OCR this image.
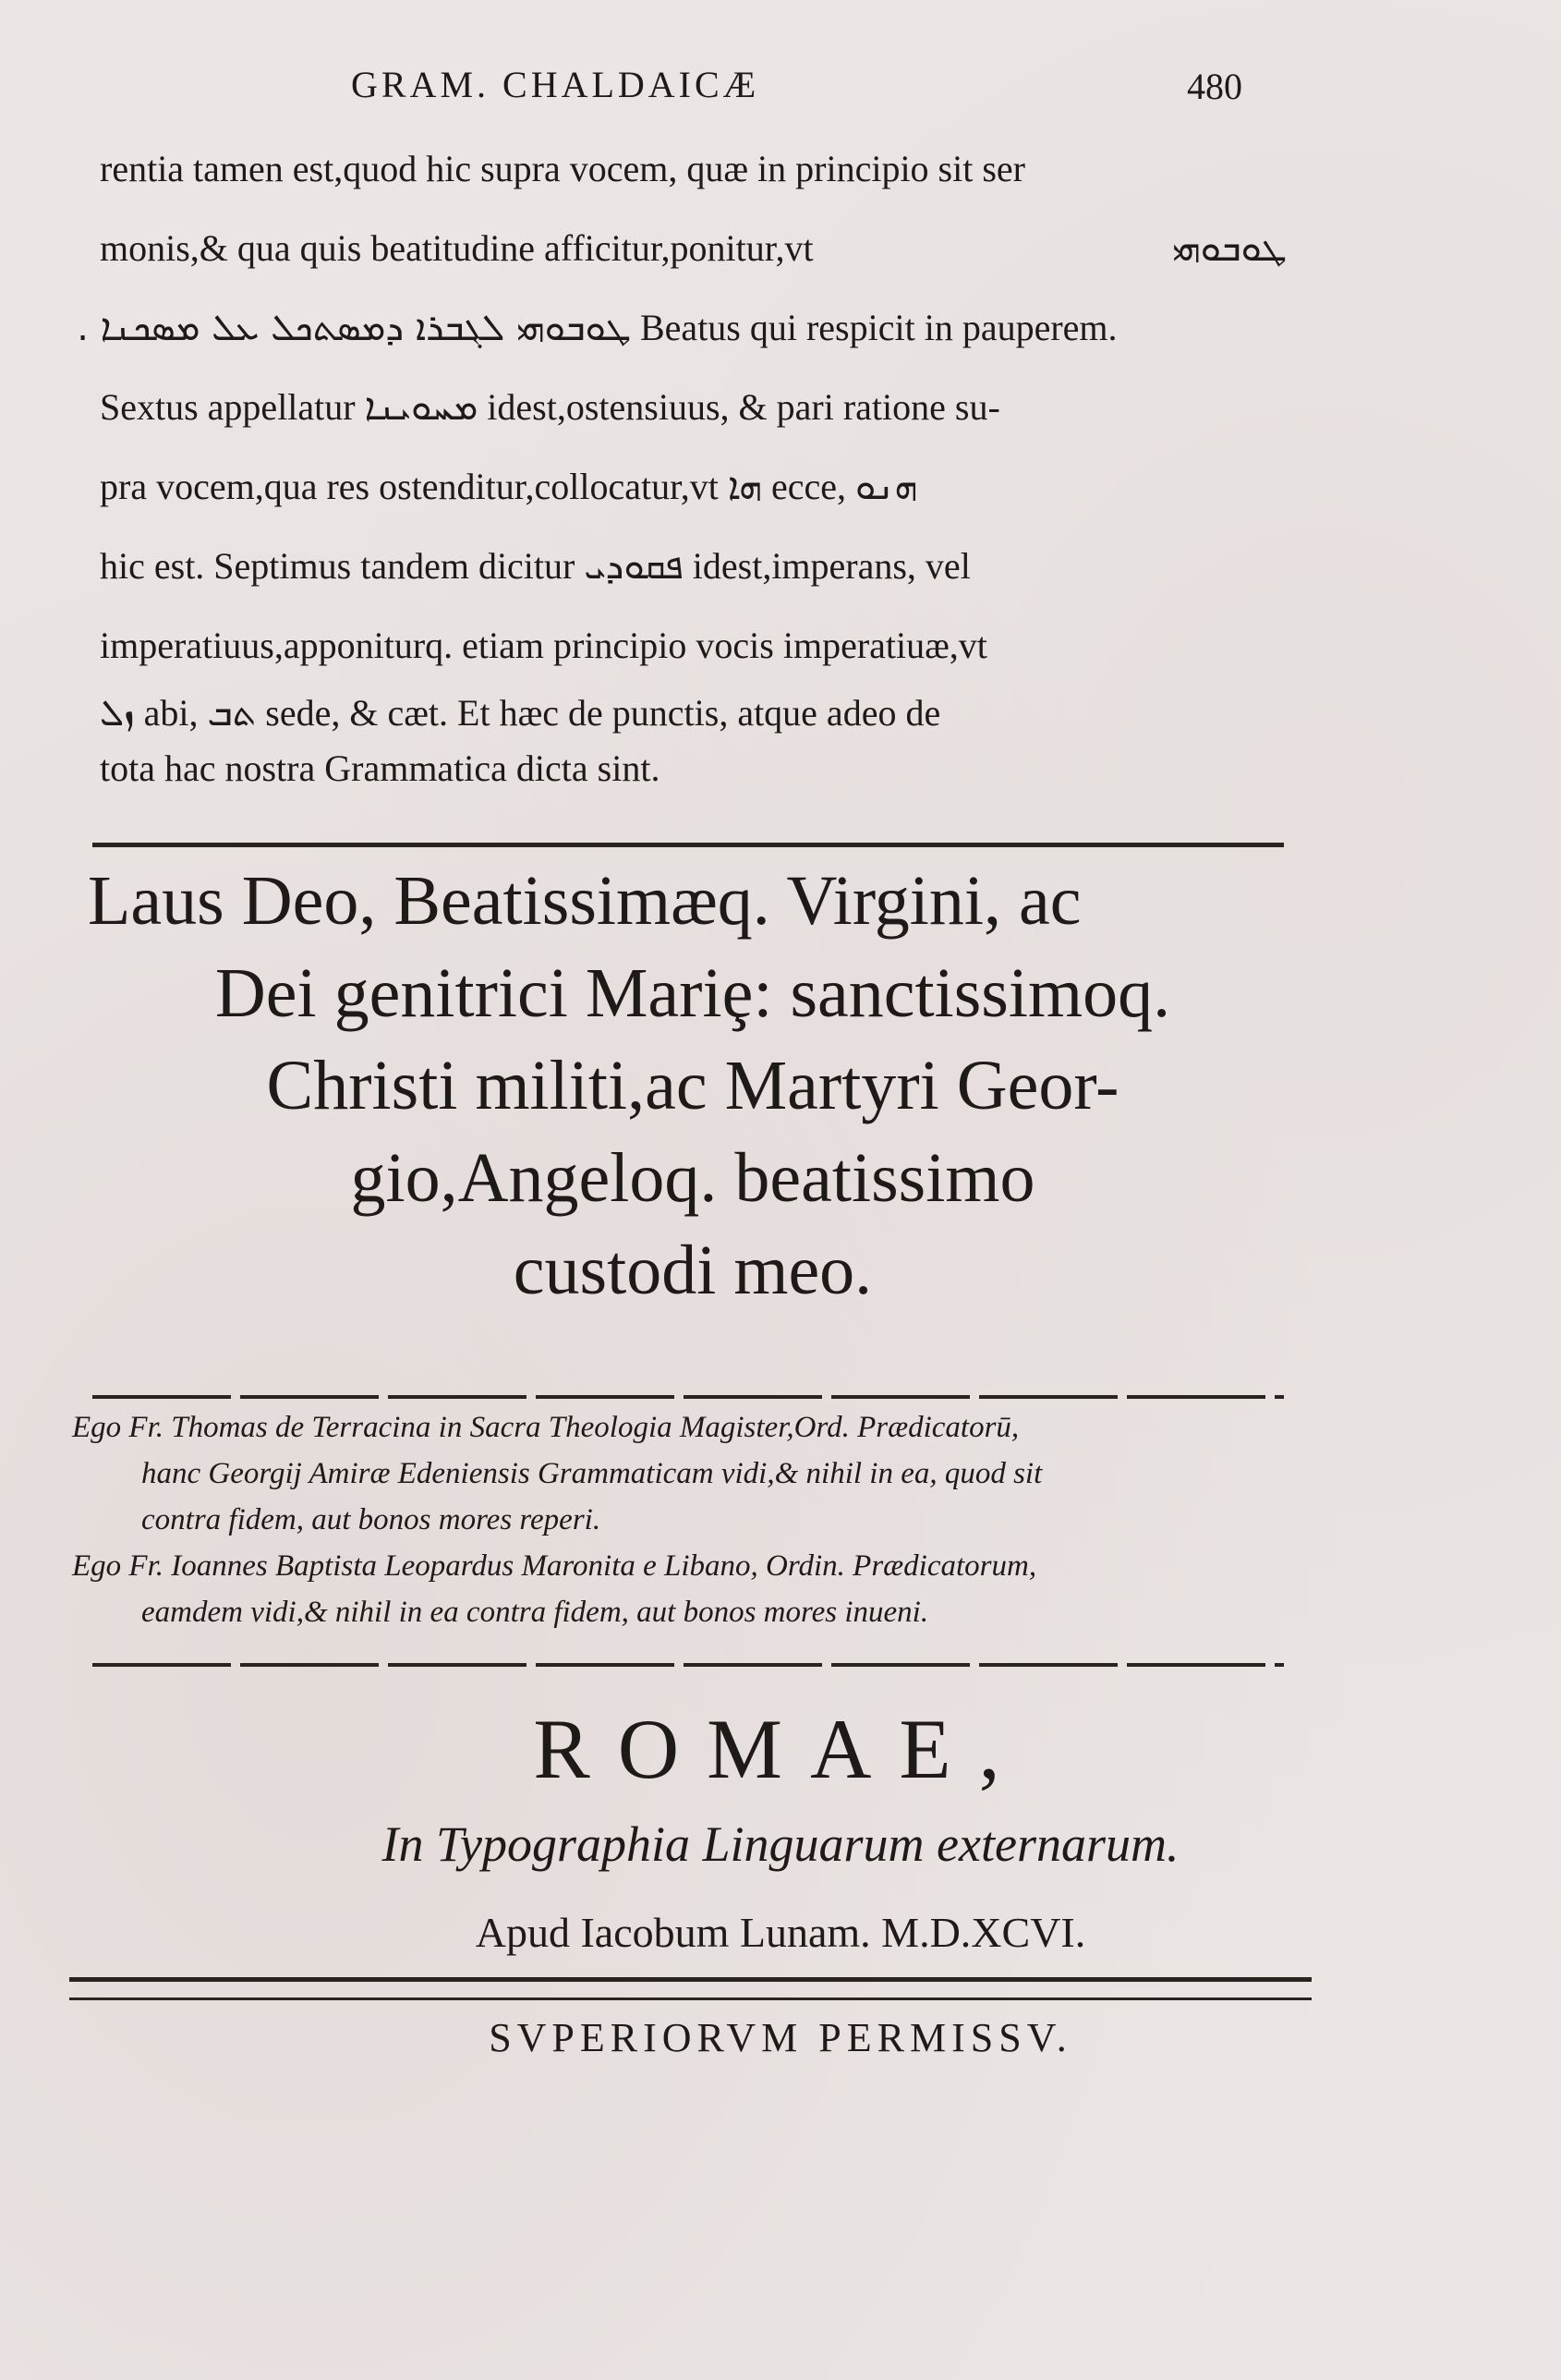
GRAM. CHALDAICÆ	480
rentia tamen est,quod hic supra vocem, quæ in principio sit ser
monis,& qua quis beatitudine afficitur,ponitur,vt	ܛܘܒܘܗܝ
ܛܘܒܘܗܝ ܠܓܒܪܐ ܕܡܣܬܟܠ ܥܠ ܡܣܟܢܐ . Beatus qui respicit in pauperem.
Sextus appellatur ܡܚܘܝܢܐ idest,ostensiuus, & pari ratione su-
pra vocem,qua res ostenditur,collocatur,vt ܗܐ ecce, ܗܢܘ
hic est. Septimus tandem dicitur ܦܩܘܕܝ idest,imperans, vel
imperatiuus,apponiturq. etiam principio vocis imperatiuæ,vt
ܙܠ abi, ܬܒ sede, & cæt. Et hæc de punctis, atque adeo de
tota hac nostra Grammatica dicta sint.
Laus Deo, Beatissimæq. Virgini, ac
Dei genitrici Mariȩ: sanctissimoq.
Christi militi,ac Martyri Geor-
gio,Angeloq. beatissimo
custodi meo.
Ego Fr. Thomas de Terracina in Sacra Theologia Magister,Ord. Prædicatorū,
hanc Georgij Amiræ Edeniensis Grammaticam vidi,& nihil in ea, quod sit
contra fidem, aut bonos mores reperi.
Ego Fr. Ioannes Baptista Leopardus Maronita e Libano, Ordin. Prædicatorum,
eamdem vidi,& nihil in ea contra fidem, aut bonos mores inueni.
ROMAE,
In Typographia Linguarum externarum.
Apud Iacobum Lunam. M.D.XCVI.
SVPERIORVM PERMISSV.
